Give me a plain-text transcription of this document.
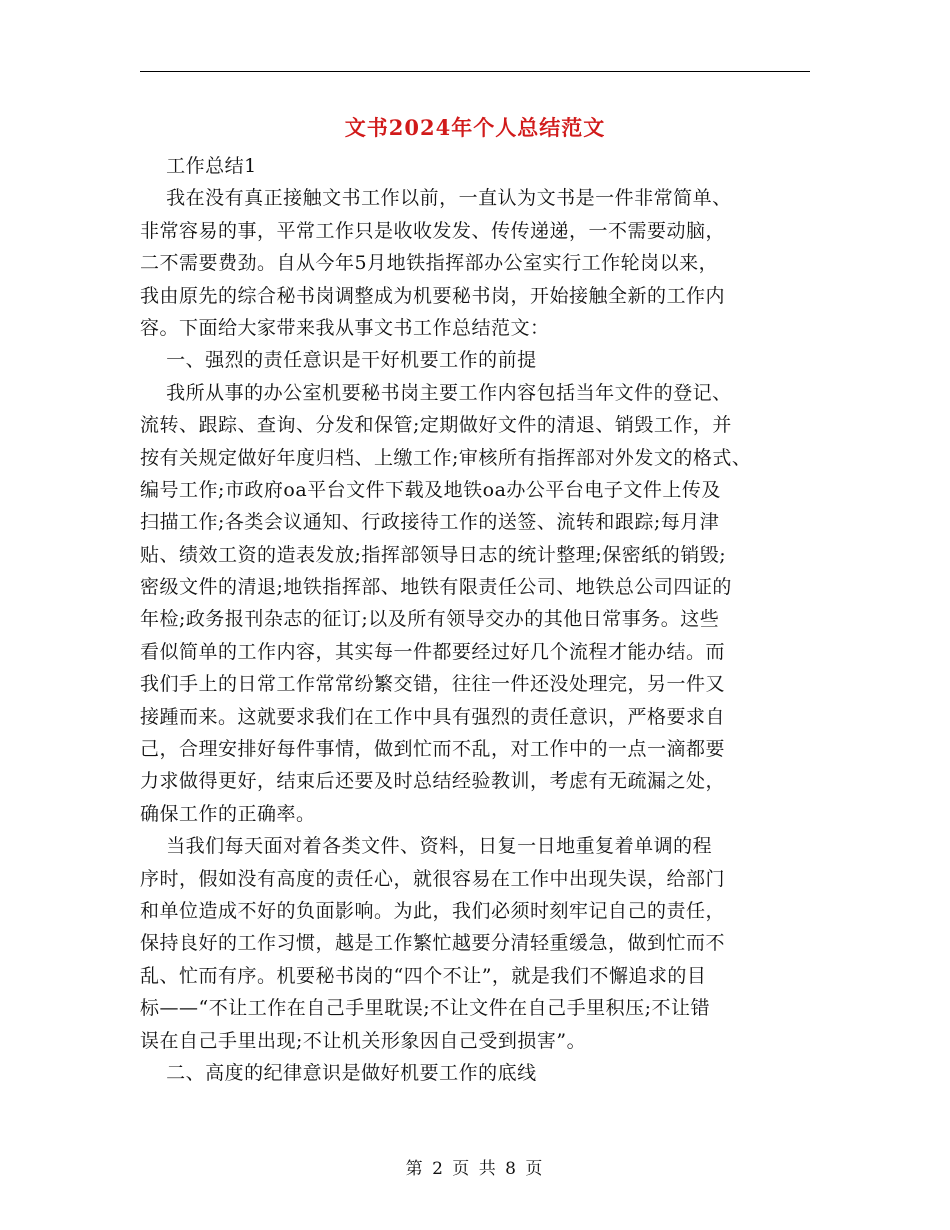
文书2024年个人总结范文
工作总结1
我在没有真正接触文书工作以前，一直认为文书是一件非常简单、
非常容易的事，平常工作只是收收发发、传传递递，一不需要动脑，
二不需要费劲。自从今年5月地铁指挥部办公室实行工作轮岗以来，
我由原先的综合秘书岗调整成为机要秘书岗，开始接触全新的工作内
容。下面给大家带来我从事文书工作总结范文：
一、强烈的责任意识是干好机要工作的前提
我所从事的办公室机要秘书岗主要工作内容包括当年文件的登记、
流转、跟踪、查询、分发和保管;定期做好文件的清退、销毁工作，并
按有关规定做好年度归档、上缴工作;审核所有指挥部对外发文的格式、
编号工作;市政府oa平台文件下载及地铁oa办公平台电子文件上传及
扫描工作;各类会议通知、行政接待工作的送签、流转和跟踪;每月津
贴、绩效工资的造表发放;指挥部领导日志的统计整理;保密纸的销毁;
密级文件的清退;地铁指挥部、地铁有限责任公司、地铁总公司四证的
年检;政务报刊杂志的征订;以及所有领导交办的其他日常事务。这些
看似简单的工作内容，其实每一件都要经过好几个流程才能办结。而
我们手上的日常工作常常纷繁交错，往往一件还没处理完，另一件又
接踵而来。这就要求我们在工作中具有强烈的责任意识，严格要求自
己，合理安排好每件事情，做到忙而不乱，对工作中的一点一滴都要
力求做得更好，结束后还要及时总结经验教训，考虑有无疏漏之处，
确保工作的正确率。
当我们每天面对着各类文件、资料，日复一日地重复着单调的程
序时，假如没有高度的责任心，就很容易在工作中出现失误，给部门
和单位造成不好的负面影响。为此，我们必须时刻牢记自己的责任，
保持良好的工作习惯，越是工作繁忙越要分清轻重缓急，做到忙而不
乱、忙而有序。机要秘书岗的“四个不让”，就是我们不懈追求的目
标——“不让工作在自己手里耽误;不让文件在自己手里积压;不让错
误在自己手里出现;不让机关形象因自己受到损害”。
二、高度的纪律意识是做好机要工作的底线
第 2 页 共 8 页
